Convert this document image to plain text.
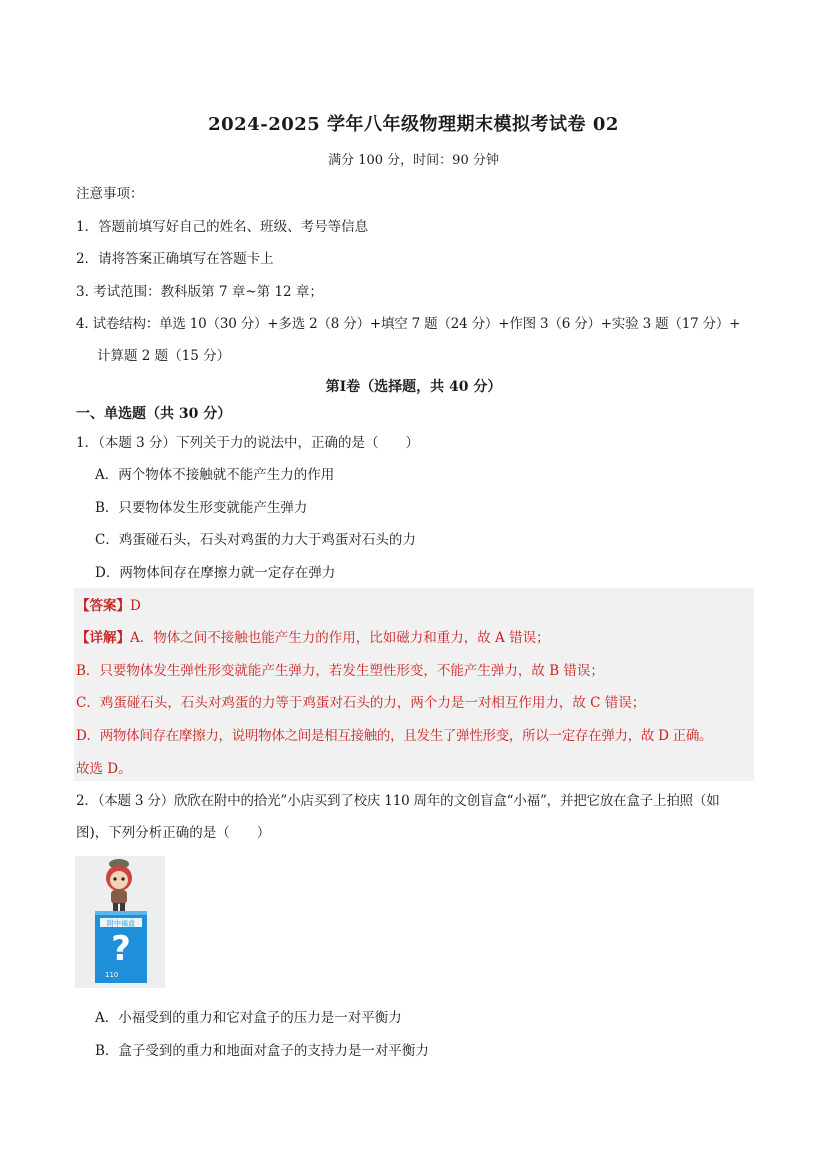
2024-2025 学年八年级物理期末模拟考试卷 02
满分 100 分，时间：90 分钟
注意事项：
1．答题前填写好自己的姓名、班级、考号等信息
2．请将答案正确填写在答题卡上
3. 考试范围：教科版第 7 章~第 12 章；
4. 试卷结构：单选 10（30 分）+多选 2（8 分）+填空 7 题（24 分）+作图 3（6 分）+实验 3 题（17 分）+
计算题 2 题（15 分）
第Ⅰ卷（选择题，共 40 分）
一、单选题（共 30 分）
1．（本题 3 分）下列关于力的说法中，正确的是（　　）
A．两个物体不接触就不能产生力的作用
B．只要物体发生形变就能产生弹力
C．鸡蛋碰石头，石头对鸡蛋的力大于鸡蛋对石头的力
D．两物体间存在摩擦力就一定存在弹力
【答案】D
【详解】A．物体之间不接触也能产生力的作用，比如磁力和重力，故 A 错误；
B．只要物体发生弹性形变就能产生弹力，若发生塑性形变，不能产生弹力，故 B 错误；
C．鸡蛋碰石头，石头对鸡蛋的力等于鸡蛋对石头的力，两个力是一对相互作用力，故 C 错误；
D．两物体间存在摩擦力，说明物体之间是相互接触的，且发生了弹性形变，所以一定存在弹力，故 D 正确。
故选 D。
2．（本题 3 分）欣欣在附中的拾光”小店买到了校庆 110 周年的文创盲盒“小福”，并把它放在盒子上拍照（如
图)，下列分析正确的是（　　）
附中福盒
?
110
A．小福受到的重力和它对盒子的压力是一对平衡力
B．盒子受到的重力和地面对盒子的支持力是一对平衡力
